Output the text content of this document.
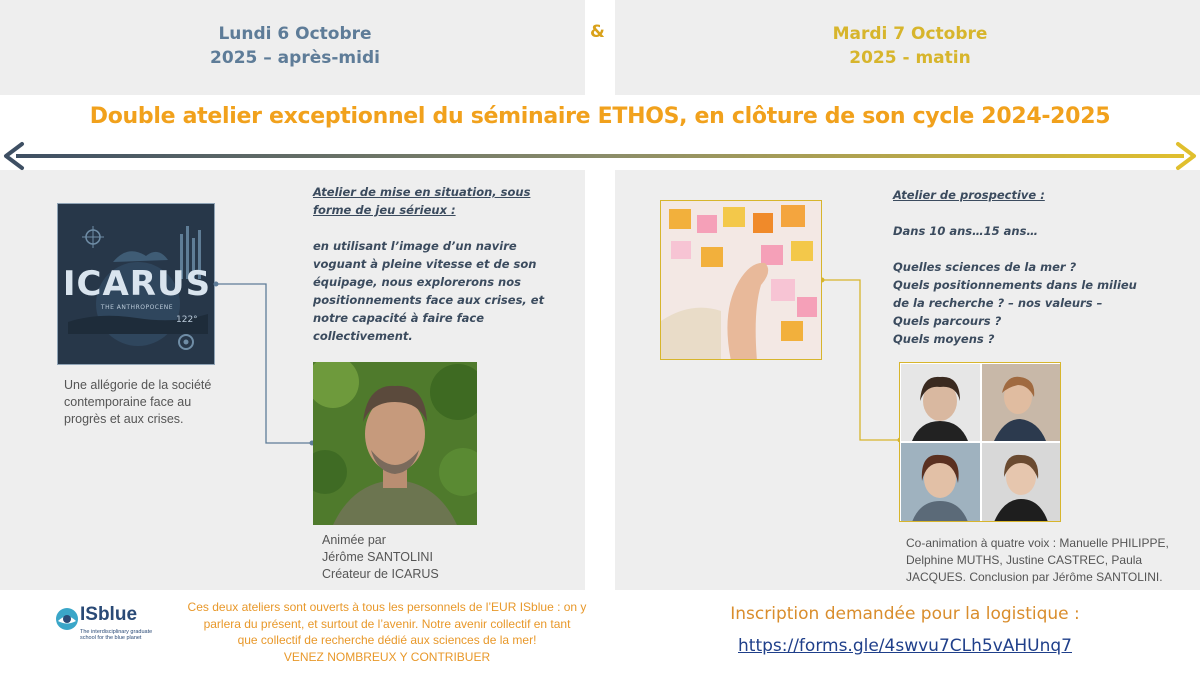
Lundi 6 Octobre
2025 – après-midi
&	Mardi 7 Octobre
2025 - matin
Double atelier exceptionnel du séminaire ETHOS, en clôture de son cycle 2024-2025
ICARUS
THE ANTHROPOCENE
122°
Une allégorie de la société
contemporaine face au
progrès et aux crises.
Atelier de mise en situation, sous
forme de jeu sérieux :
en utilisant l’image d’un navire
voguant à pleine vitesse et de son
équipage, nous explorerons nos
positionnements face aux crises, et
notre capacité à faire face
collectivement.
Animée par
Jérôme SANTOLINI
Créateur de ICARUS
Atelier de prospective :
Dans 10 ans…15 ans…
Quelles sciences de la mer ?
Quels positionnements dans le milieu
de la recherche ? – nos valeurs –
Quels parcours ?
Quels moyens ?
Co-animation à quatre voix : Manuelle PHILIPPE,
Delphine MUTHS, Justine CASTREC, Paula
JACQUES. Conclusion par Jérôme SANTOLINI.
ISblue
The interdisciplinary graduate school for the blue planet
Ces deux ateliers sont ouverts à tous les personnels de l’EUR ISblue : on y
parlera du présent, et surtout de l’avenir. Notre avenir collectif en tant
que collectif de recherche dédié aux sciences de la mer!
VENEZ NOMBREUX Y CONTRIBUER
Inscription demandée pour la logistique :
https://forms.gle/4swvu7CLh5vAHUnq7
